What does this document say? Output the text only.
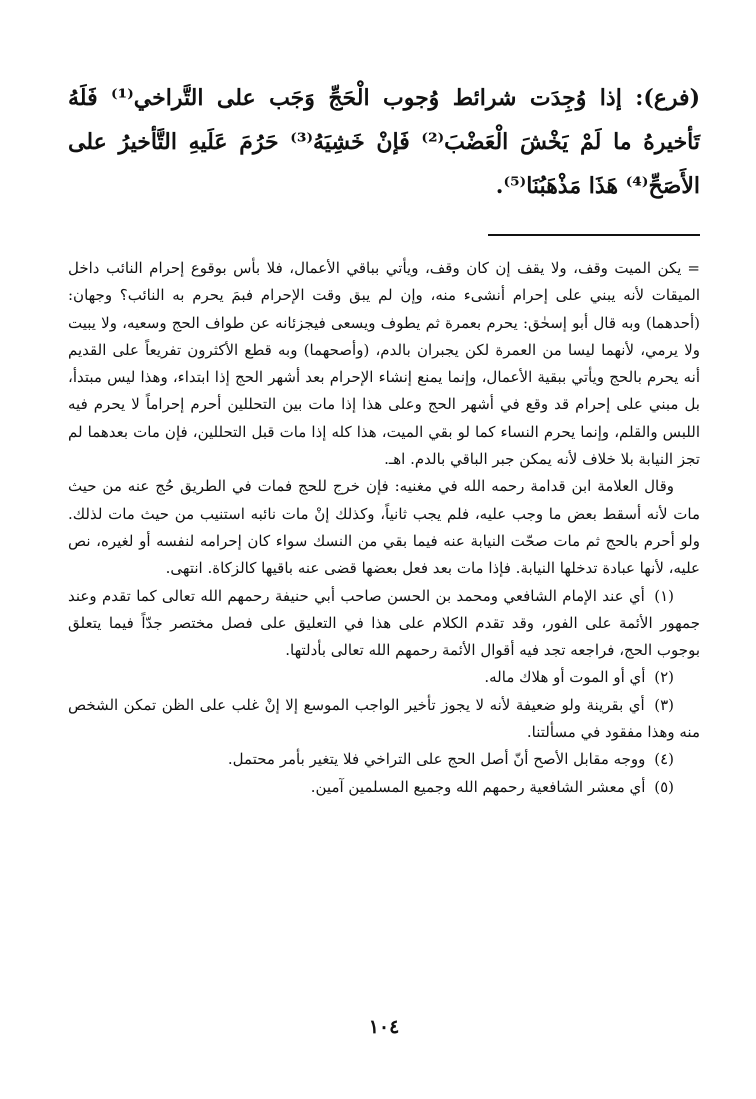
(فرع): إذا وُجِدَت شرائط وُجوب الْحَجِّ وَجَب على التَّراخي⁽¹⁾ فَلَهُ تَأخيرهُ ما لَمْ يَخْشَ الْعَضْبَ⁽²⁾ فَإنْ خَشِيَهُ⁽³⁾ حَرُمَ عَلَيهِ التَّأخيرُ على الأَصَحِّ⁽⁴⁾ هَذَا مَذْهَبُنَا⁽⁵⁾.

=يكن الميت وقف، ولا يقف إن كان وقف، ويأتي بباقي الأعمال، فلا بأس بوقوع إحرام النائب داخل الميقات لأنه يبني على إحرام أنشىء منه، وإن لم يبق وقت الإحرام فبمَ يحرم به النائب؟ وجهان: (أحدهما) وبه قال أبو إسحٰق: يحرم بعمرة ثم يطوف ويسعى فيجزئانه عن طواف الحج وسعيه، ولا يبيت ولا يرمي، لأنهما ليسا من العمرة لكن يجبران بالدم، (وأصحهما) وبه قطع الأكثرون تفريعاً على القديم أنه يحرم بالحج ويأتي ببقية الأعمال، وإنما يمنع إنشاء الإحرام بعد أشهر الحج إذا ابتداء، وهذا ليس مبتدأ، بل مبني على إحرام قد وقع في أشهر الحج وعلى هذا إذا مات بين التحللين أحرم إحراماً لا يحرم فيه اللبس والقلم، وإنما يحرم النساء كما لو بقي الميت، هذا كله إذا مات قبل التحللين، فإن مات بعدهما لم تجز النيابة بلا خلاف لأنه يمكن جبر الباقي بالدم. اهـ.

وقال العلامة ابن قدامة رحمه الله في مغنيه: فإن خرج للحج فمات في الطريق حُج عنه من حيث مات لأنه أسقط بعض ما وجب عليه، فلم يجب ثانياً، وكذلك إنْ مات نائبه استنيب من حيث مات لذلك. ولو أحرم بالحج ثم مات صحّت النيابة عنه فيما بقي من النسك سواء كان إحرامه لنفسه أو لغيره، نص عليه، لأنها عبادة تدخلها النيابة. فإذا مات بعد فعل بعضها قضى عنه باقيها كالزكاة. انتهى.

(١) أي عند الإمام الشافعي ومحمد بن الحسن صاحب أبي حنيفة رحمهم الله تعالى كما تقدم وعند جمهور الأئمة على الفور، وقد تقدم الكلام على هذا في التعليق على فصل مختصر جدّاً فيما يتعلق بوجوب الحج، فراجعه تجد فيه أقوال الأئمة رحمهم الله تعالى بأدلتها.

(٢) أي أو الموت أو هلاك ماله.

(٣) أي بقرينة ولو ضعيفة لأنه لا يجوز تأخير الواجب الموسع إلا إنْ غلب على الظن تمكن الشخص منه وهذا مفقود في مسألتنا.

(٤) ووجه مقابل الأصح أنّ أصل الحج على التراخي فلا يتغير بأمر محتمل.

(٥) أي معشر الشافعية رحمهم الله وجميع المسلمين آمين.

١٠٤
